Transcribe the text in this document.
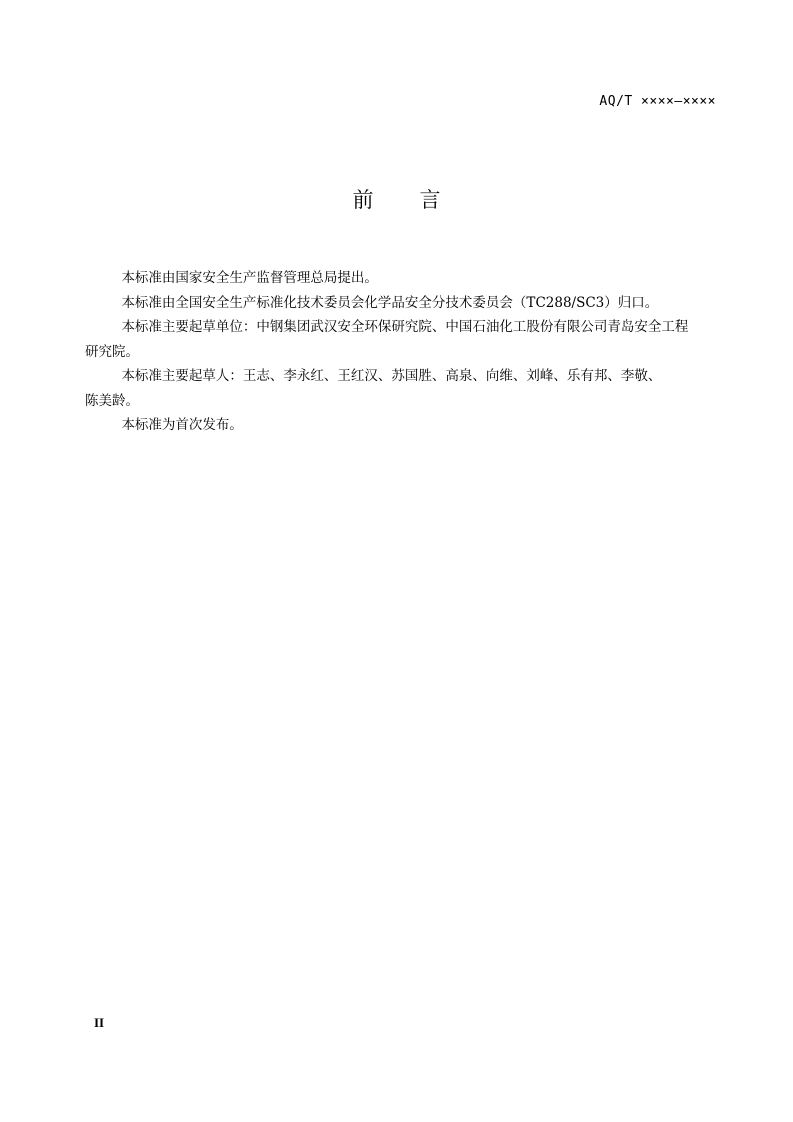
AQ/T ××××—××××
前言

本标准由国家安全生产监督管理总局提出。

本标准由全国安全生产标准化技术委员会化学品安全分技术委员会（TC288/SC3）归口。

本标准主要起草单位：中钢集团武汉安全环保研究院、中国石油化工股份有限公司青岛安全工程
研究院。

本标准主要起草人：王志、李永红、王红汉、苏国胜、高泉、向维、刘峰、乐有邦、李敬、
陈美龄。

本标准为首次发布。

II
